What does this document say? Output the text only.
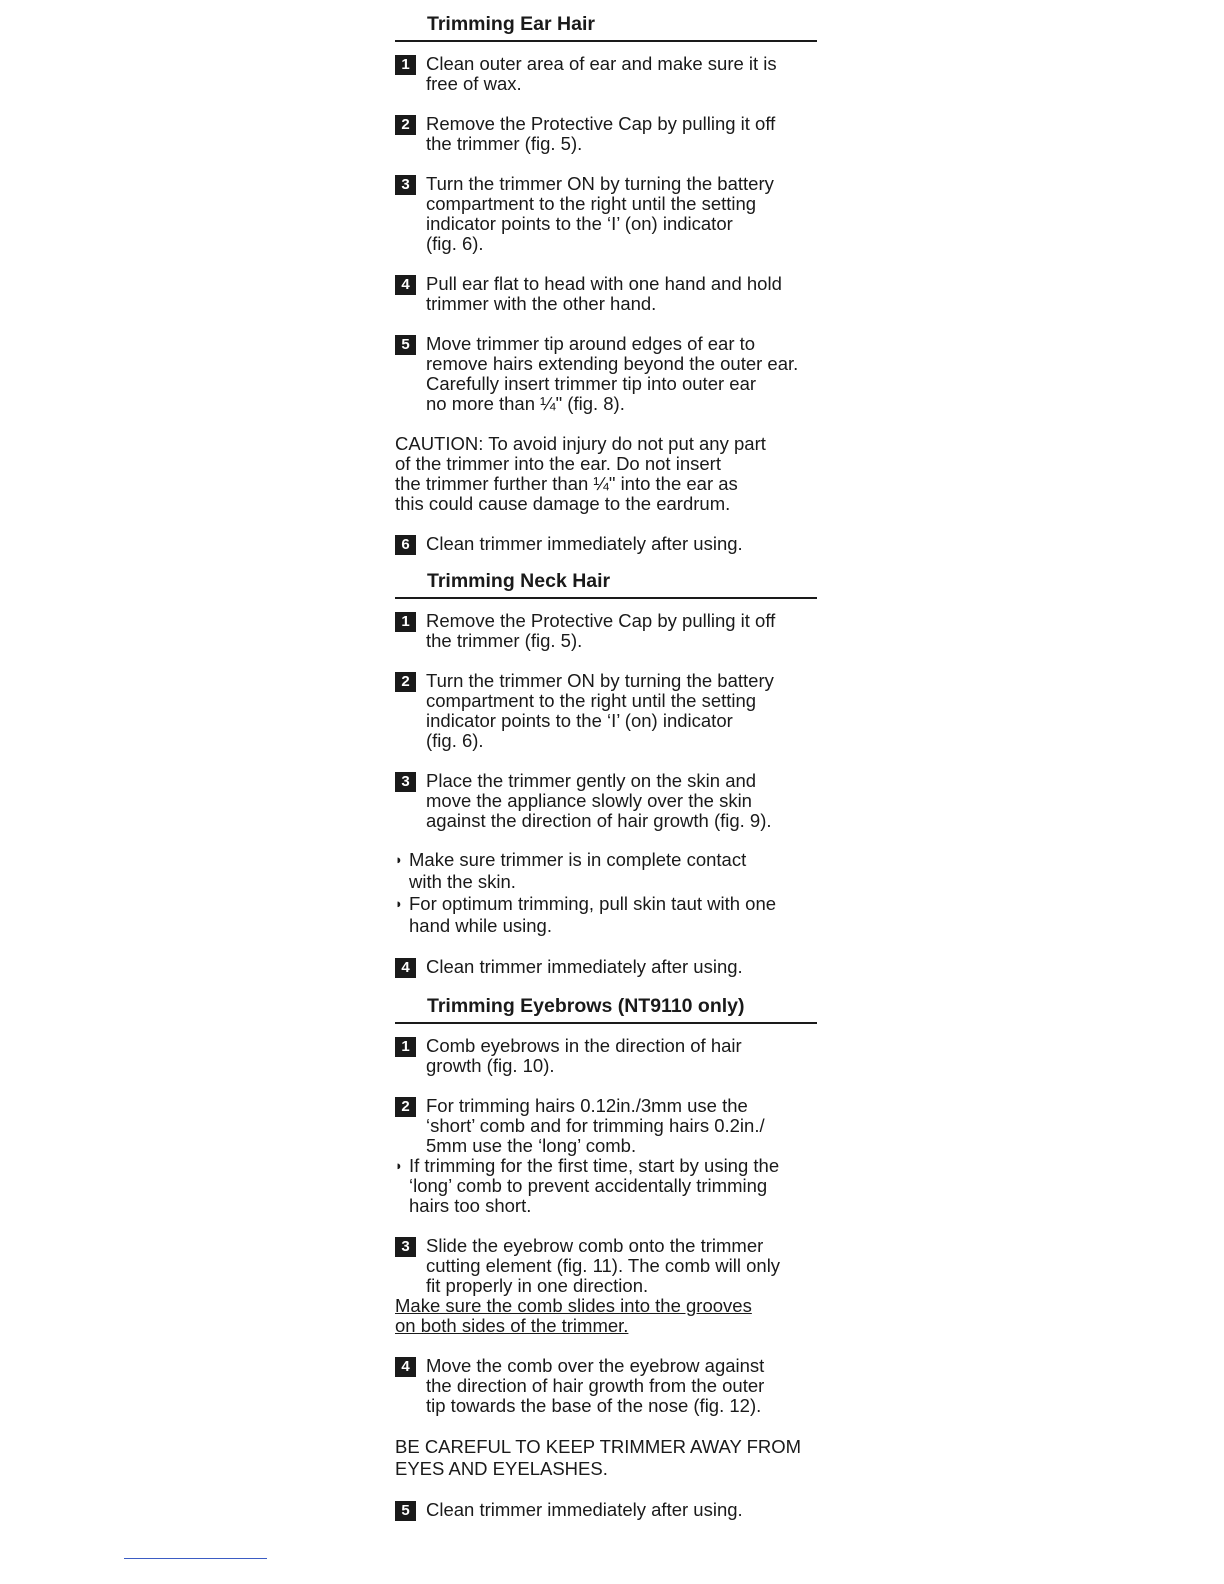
Trimming Ear Hair
1 Clean outer area of ear and make sure it is
free of wax.
2 Remove the Protective Cap by pulling it off
the trimmer (fig. 5).
3 Turn the trimmer ON by turning the battery
compartment to the right until the setting
indicator points to the ‘I’ (on) indicator
(fig. 6).
4 Pull ear flat to head with one hand and hold
trimmer with the other hand.
5 Move trimmer tip around edges of ear to
remove hairs extending beyond the outer ear.
Carefully insert trimmer tip into outer ear
no more than ¼" (fig. 8).
CAUTION: To avoid injury do not put any part
of the trimmer into the ear. Do not insert
the trimmer further than ¼" into the ear as
this could cause damage to the eardrum.
6 Clean trimmer immediately after using.
Trimming Neck Hair
1 Remove the Protective Cap by pulling it off
the trimmer (fig. 5).
2 Turn the trimmer ON by turning the battery
compartment to the right until the setting
indicator points to the ‘I’ (on) indicator
(fig. 6).
3 Place the trimmer gently on the skin and
move the appliance slowly over the skin
against the direction of hair growth (fig. 9).
◗ Make sure trimmer is in complete contact
with the skin.
◗ For optimum trimming, pull skin taut with one
hand while using.
4 Clean trimmer immediately after using.
Trimming Eyebrows (NT9110 only)
1 Comb eyebrows in the direction of hair
growth (fig. 10).
2 For trimming hairs 0.12in./3mm use the
‘short’ comb and for trimming hairs 0.2in./
5mm use the ‘long’ comb.
◗ If trimming for the first time, start by using the
‘long’ comb to prevent accidentally trimming
hairs too short.
3 Slide the eyebrow comb onto the trimmer
cutting element (fig. 11). The comb will only
fit properly in one direction.
Make sure the comb slides into the grooves
on both sides of the trimmer.
4 Move the comb over the eyebrow against
the direction of hair growth from the outer
tip towards the base of the nose (fig. 12).
BE CAREFUL TO KEEP TRIMMER AWAY FROM
EYES AND EYELASHES.
5 Clean trimmer immediately after using.
